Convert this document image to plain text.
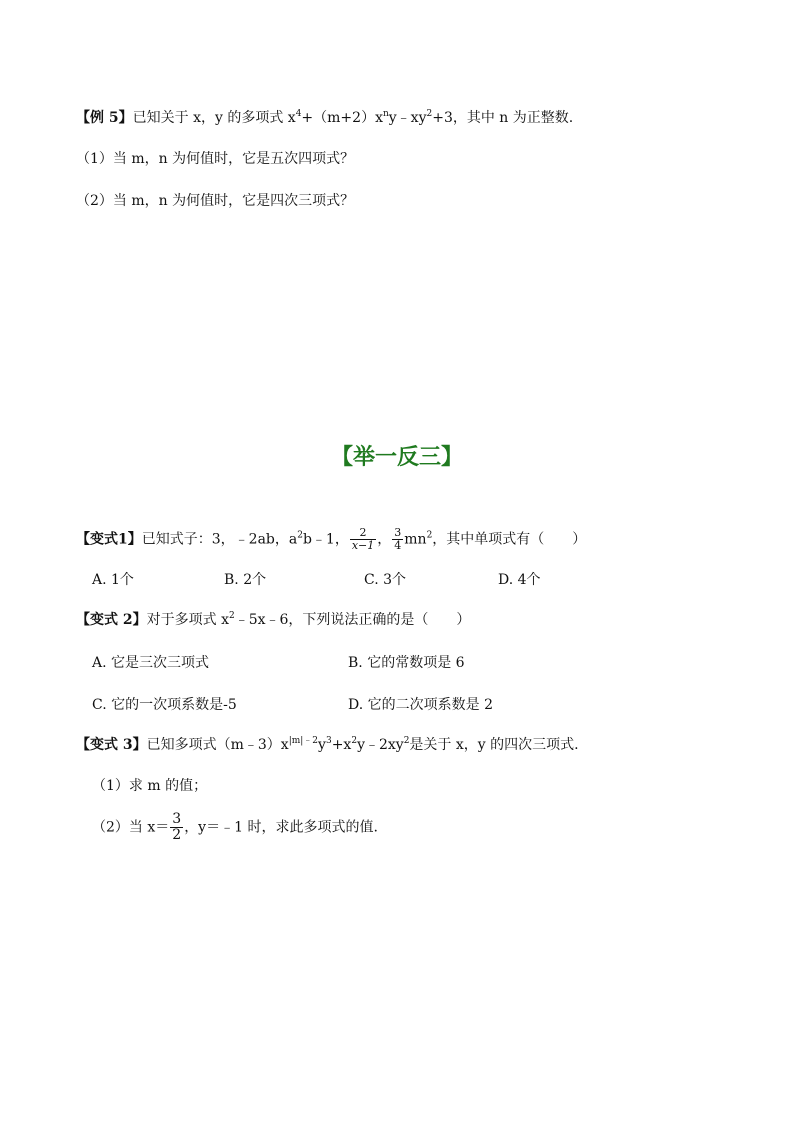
【例 5】已知关于 x，y 的多项式 $x^4+(m+2)x^ny﹣xy^2+3$，其中 n 为正整数.
（1）当 m，n 为何值时，它是五次四项式？
（2）当 m，n 为何值时，它是四次三项式？
【举一反三】
【变式1】已知式子：3，﹣2ab，$a^2b﹣1$， $\frac{2}{x-1}$ ， $\frac{3}{4} mn^2$，其中单项式有（　　）
A. 1个	B. 2个	C. 3个	D. 4个
【变式 2】对于多项式 $x^2﹣5x﹣6$，下列说法正确的是（　　）
A. 它是三次三项式	B. 它的常数项是 6
C. 它的一次项系数是-5	D. 它的二次项系数是 2
【变式 3】已知多项式$(m﹣3)x^{|m|﹣2}y^3+x^2y﹣2xy^2$是关于 x，y 的四次三项式.
（1）求 m 的值；
（2）当 $x= \frac{3}{2}$ ，y＝﹣1 时，求此多项式的值.
